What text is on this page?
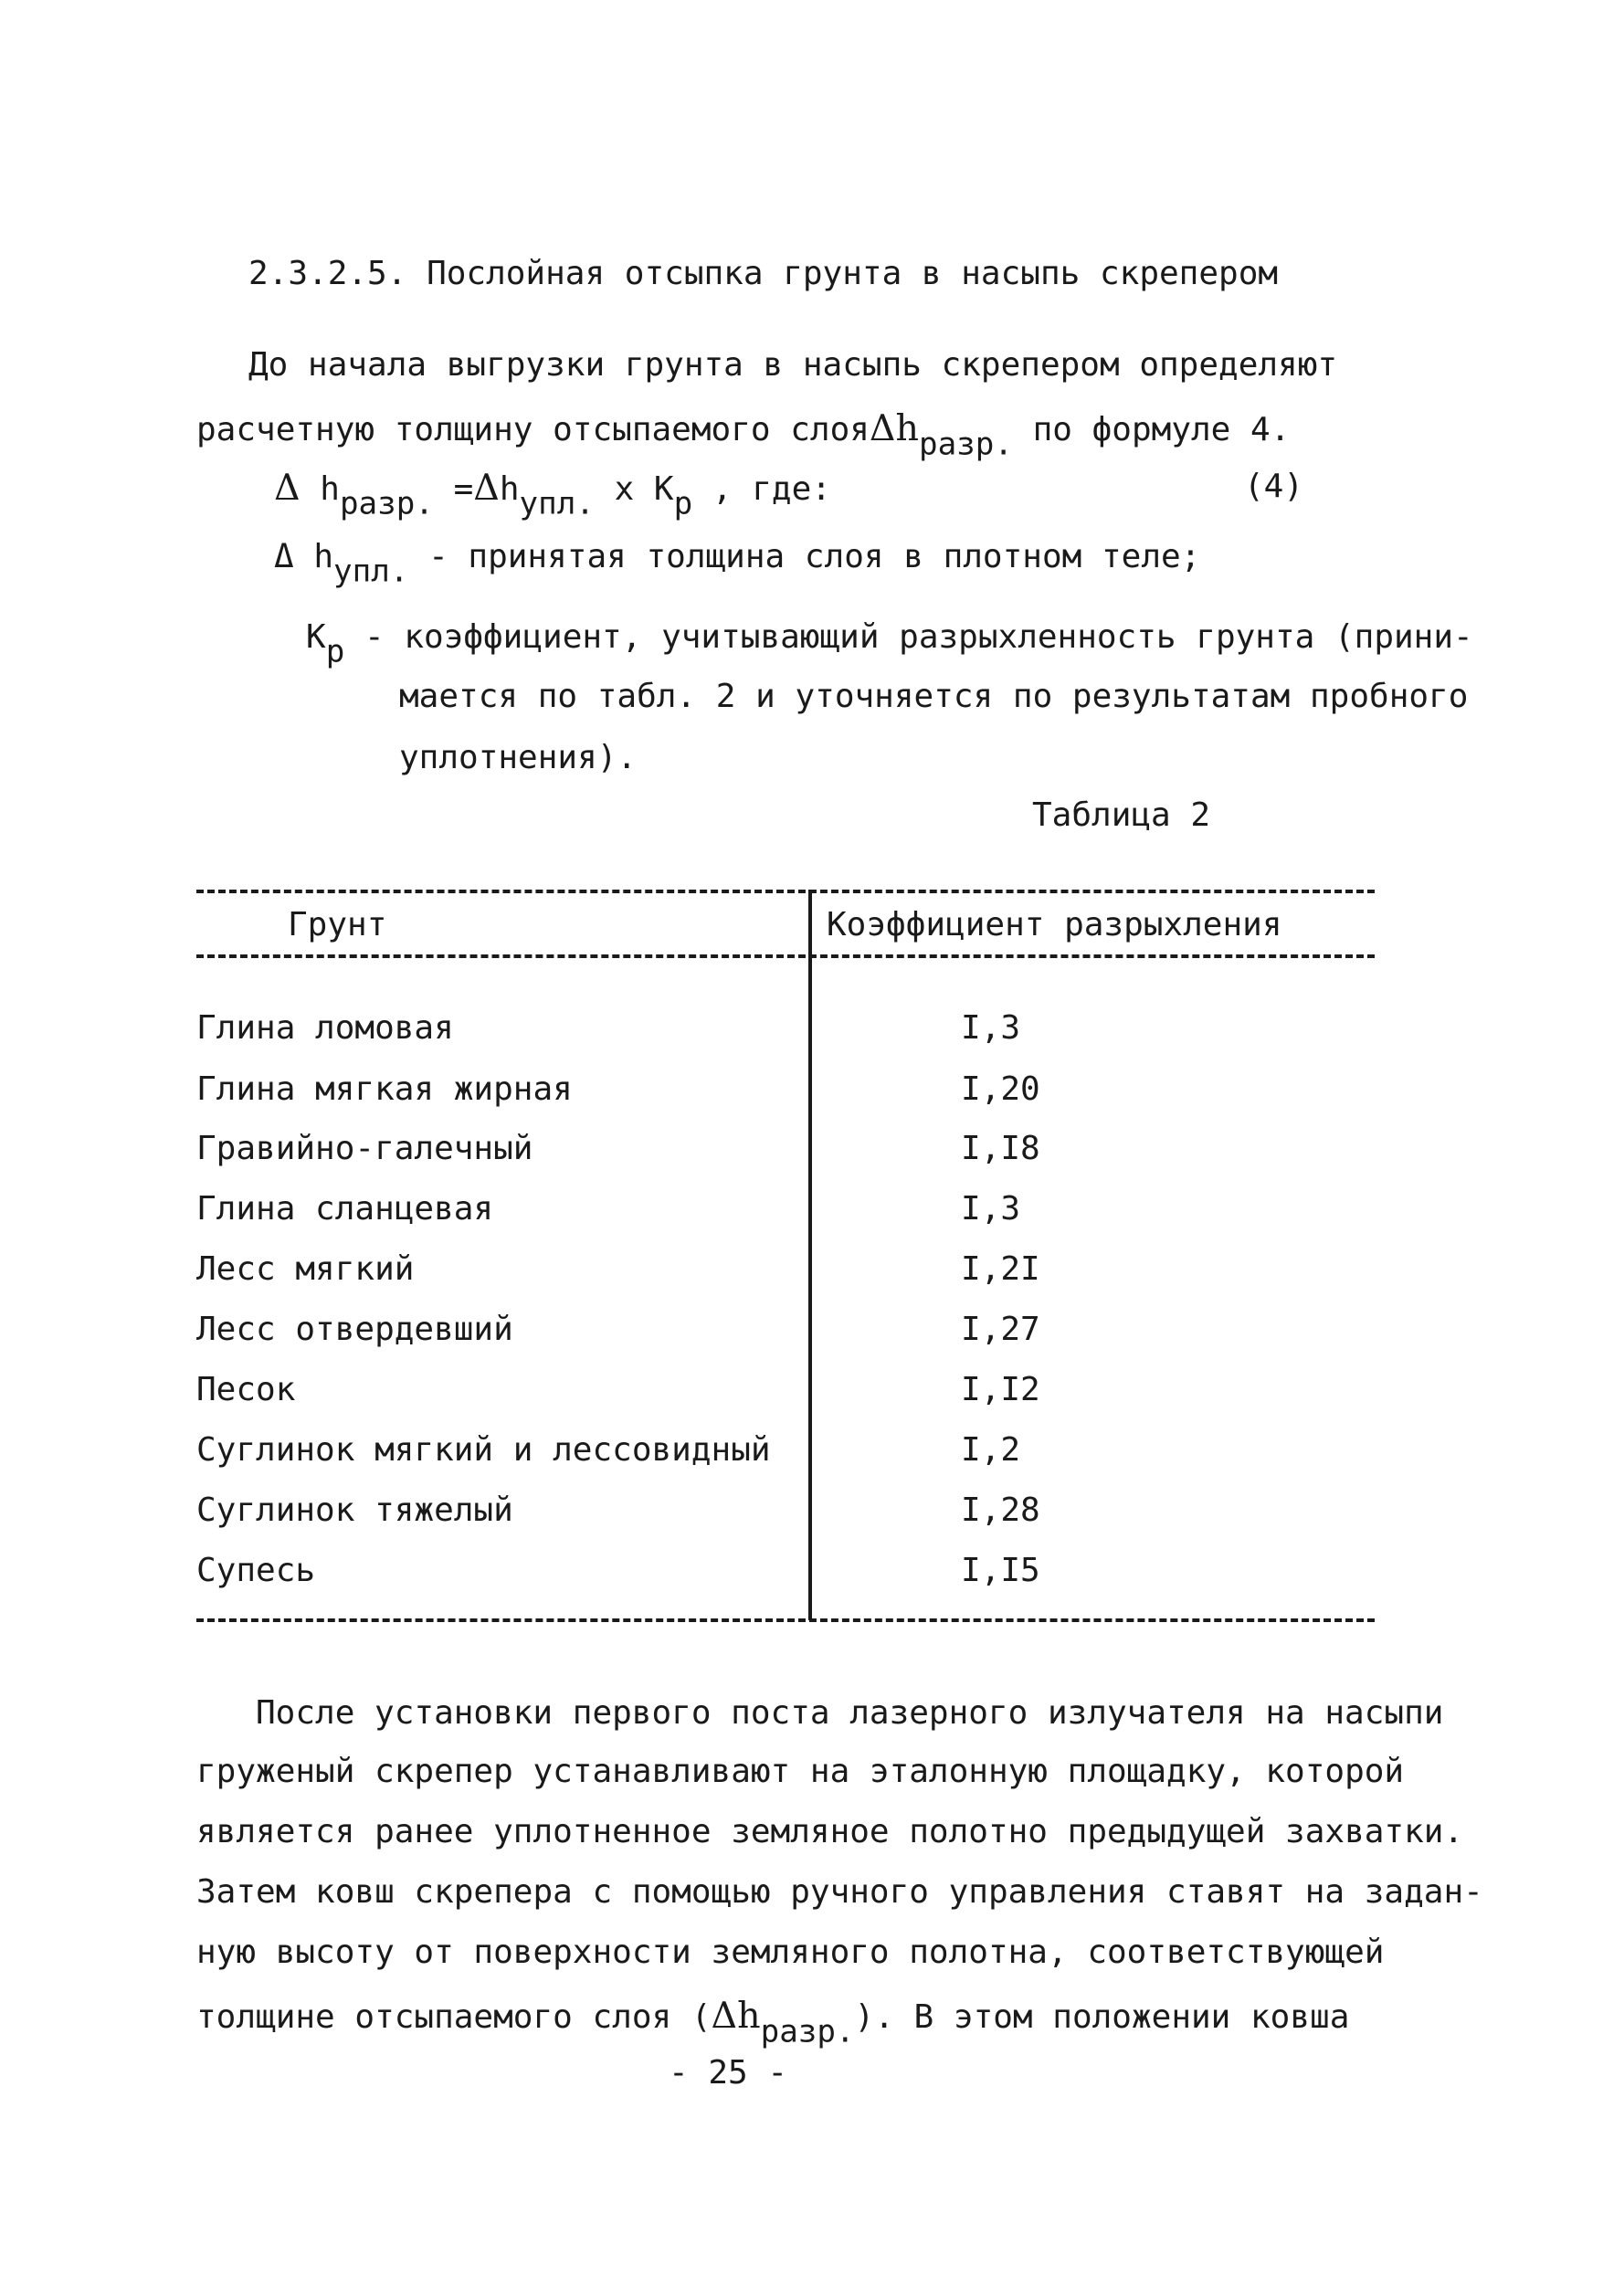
2.3.2.5. Послойная отсыпка грунта в насыпь скрепером
До начала выгрузки грунта в насыпь скрепером определяют
расчетную толщину отсыпаемого слояΔh$_{разр.}$ по формуле 4.
Δ $h_{разр.} =\Delta h_{упл.}$ x $K_р$ , где:	(4)
Δ $h_{упл.}$ - принятая толщина слоя в плотном теле;
$К_р$ - коэффициент, учитывающий разрыхленность грунта (прини-
мается по табл. 2 и уточняется по результатам пробного
уплотнения).
Таблица 2
Грунт	Коэффициент разрыхления
Глина ломовая	I,3
Глина мягкая жирная	I,20
Гравийно-галечный	I,I8
Глина сланцевая	I,3
Лесс мягкий	I,2I
Лесс отвердевший	I,27
Песок	I,I2
Суглинок мягкий и лессовидный	I,2
Суглинок тяжелый	I,28
Супесь	I,I5
После установки первого поста лазерного излучателя на насыпи
груженый скрепер устанавливают на эталонную площадку, которой
является ранее уплотненное земляное полотно предыдущей захватки.
Затем ковш скрепера с помощью ручного управления ставят на задан-
ную высоту от поверхности земляного полотна, соответствующей
толщине отсыпаемого слоя $(\Delta h_{разр.})$. В этом положении ковша
- 25 -
